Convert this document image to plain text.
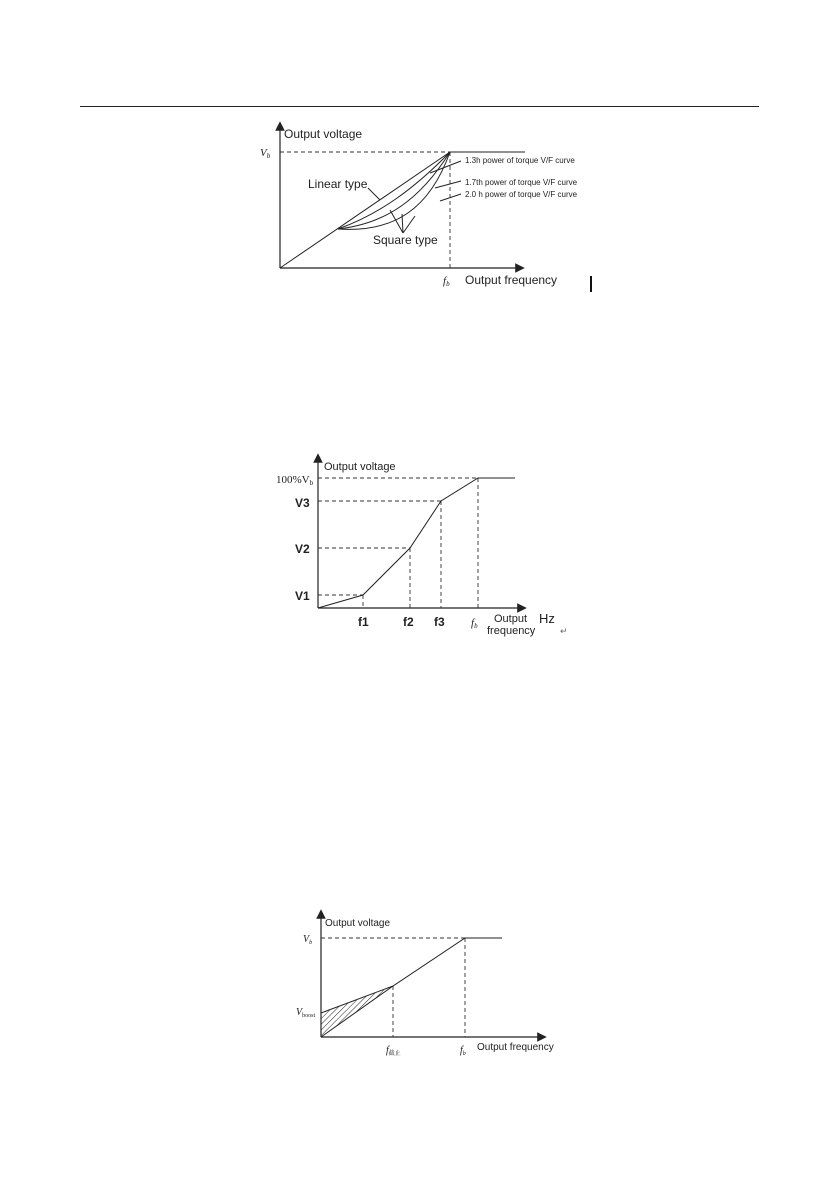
Output voltage
Vb
Linear type
Square type
1.3h power of torque V/F curve
1.7th power of torque V/F curve
2.0 h power of torque V/F curve
fb Output frequency
Output voltage
100%Vb
V3
V2
V1
f1	f2 f3 fb
Output
frequency
Hz
↵
Output voltage
$V_b$
$V_{boost}$
$f_{截止}$	$f_b$
Output frequency
